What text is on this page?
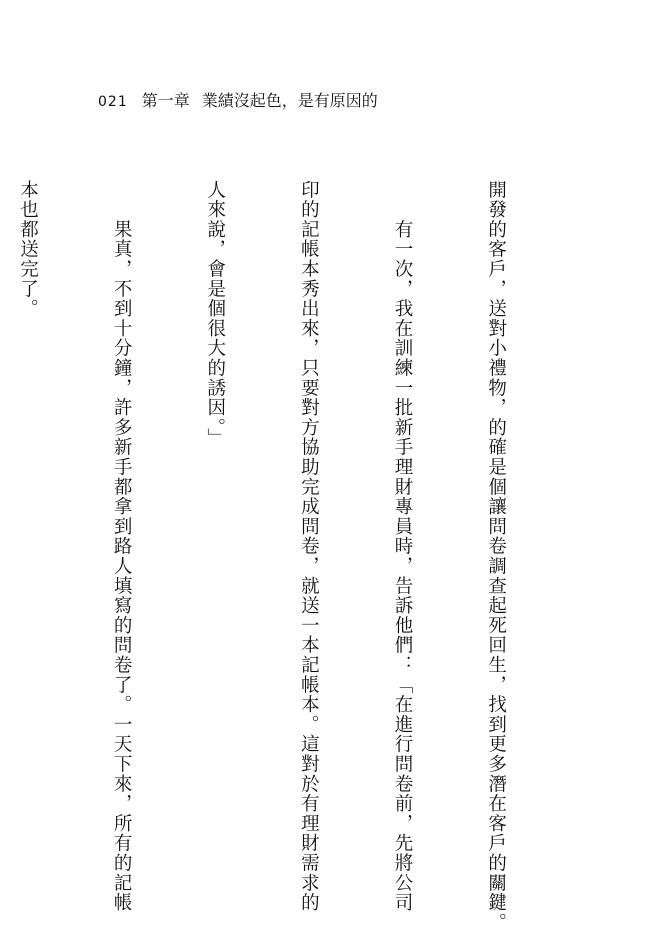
021 第一章 業績沒起色，是有原因的

開發的客戶，送對小禮物，的確是個讓問卷調查起死回生，找到更多潛在客戶的關鍵。

　　有一次，我在訓練一批新手理財專員時，告訴他們：「在進行問卷前，先將公司

印的記帳本秀出來，只要對方協助完成問卷，就送一本記帳本。這對於有理財需求的

人來說，會是個很大的誘因。」

　　果真，不到十分鐘，許多新手都拿到路人填寫的問卷了。一天下來，所有的記帳

本也都送完了。
